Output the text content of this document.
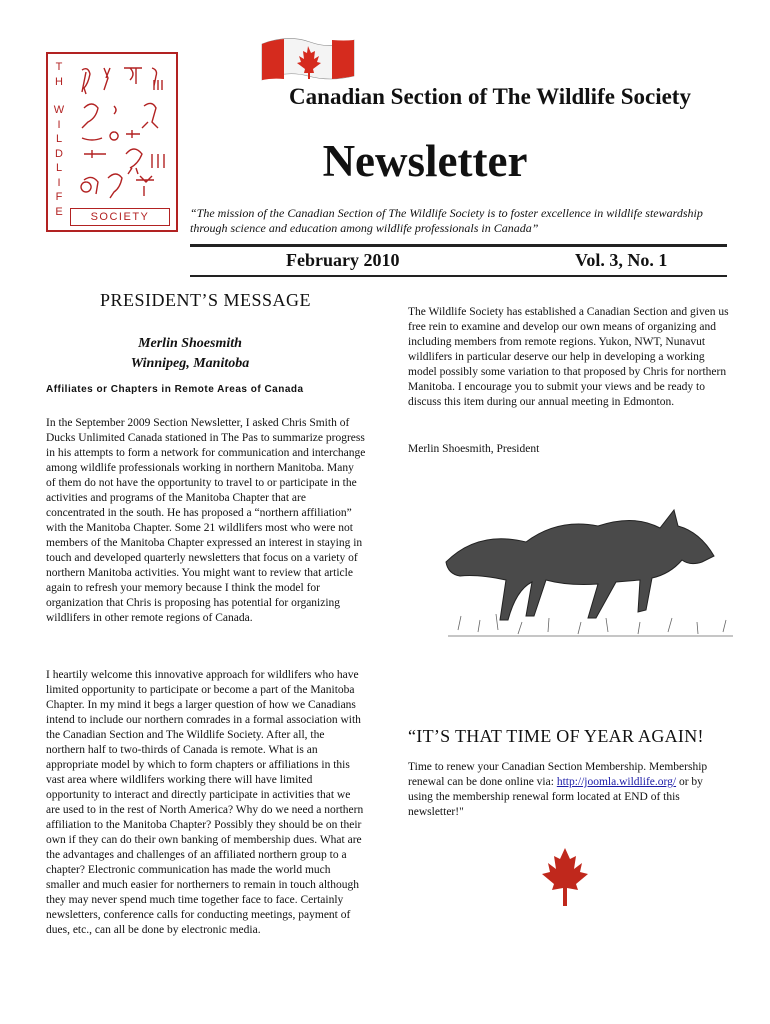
T
H
W
I
L
D
L
I
F
E	SOCIETY
Canadian Section of The Wildlife Society
Newsletter
“The mission of the Canadian Section of The Wildlife Society is to foster excellence in wildlife stewardship through science and education among wildlife professionals in Canada”
February 2010	Vol. 3, No. 1
PRESIDENT’S MESSAGE
Merlin Shoesmith
Winnipeg, Manitoba
Affiliates or Chapters in Remote Areas of Canada
In the September 2009 Section Newsletter, I asked Chris Smith of Ducks Unlimited Canada stationed in The Pas to summarize progress in his attempts to form a network for communication and interchange among wildlife professionals working in northern Manitoba. Many of them do not have the opportunity to travel to or participate in the activities and programs of the Manitoba Chapter that are concentrated in the south. He has proposed a “northern affiliation” with the Manitoba Chapter. Some 21 wildlifers most who were not members of the Manitoba Chapter expressed an interest in staying in touch and developed quarterly newsletters that focus on a variety of northern Manitoba activities. You might want to review that article again to refresh your memory because I think the model for organization that Chris is proposing has potential for organizing wildlifers in other remote regions of Canada.
I heartily welcome this innovative approach for wildlifers who have limited opportunity to participate or become a part of the Manitoba Chapter. In my mind it begs a larger question of how we Canadians intend to include our northern comrades in a formal association with the Canadian Section and The Wildlife Society. After all, the northern half to two-thirds of Canada is remote. What is an appropriate model by which to form chapters or affiliations in this vast area where wildlifers working there will have limited opportunity to interact and directly participate in activities that we are used to in the rest of North America? Why do we need a northern affiliation to the Manitoba Chapter? Possibly they should be on their own if they can do their own banking of membership dues. What are the advantages and challenges of an affiliated northern group to a chapter? Electronic communication has made the world much smaller and much easier for northerners to remain in touch although they may never spend much time together face to face. Certainly newsletters, conference calls for conducting meetings, payment of dues, etc., can all be done by electronic media.
The Wildlife Society has established a Canadian Section and given us free rein to examine and develop our own means of organizing and including members from remote regions. Yukon, NWT, Nunavut wildlifers in particular deserve our help in developing a working model possibly some variation to that proposed by Chris for northern Manitoba. I encourage you to submit your views and be ready to discuss this item during our annual meeting in Edmonton.
Merlin Shoesmith, President
“IT’S THAT TIME OF YEAR AGAIN!
Time to renew your Canadian Section Membership. Membership renewal can be done online via: http://joomla.wildlife.org/ or by using the membership renewal form located at END of this newsletter!"
